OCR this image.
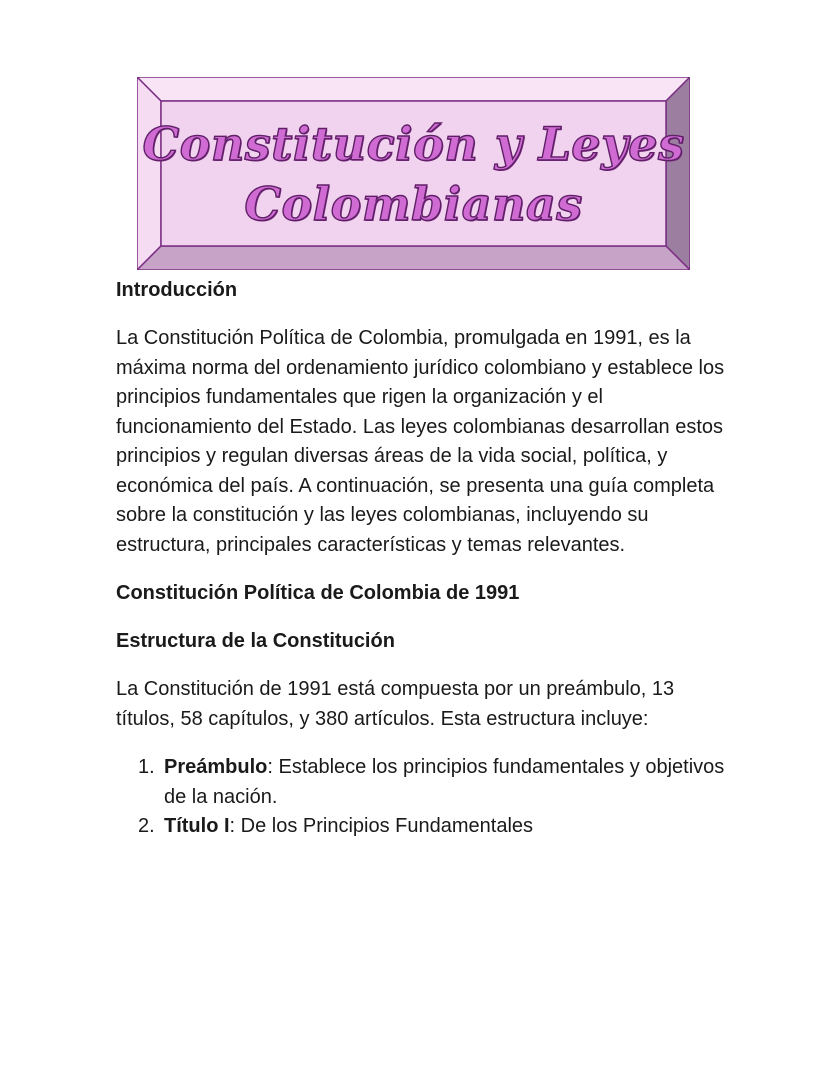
Constitución y Leyes
Colombianas
Introducción

La Constitución Política de Colombia, promulgada en 1991, es la máxima norma del ordenamiento jurídico colombiano y establece los principios fundamentales que rigen la organización y el funcionamiento del Estado. Las leyes colombianas desarrollan estos principios y regulan diversas áreas de la vida social, política, y económica del país. A continuación, se presenta una guía completa sobre la constitución y las leyes colombianas, incluyendo su estructura, principales características y temas relevantes.

Constitución Política de Colombia de 1991
Estructura de la Constitución

La Constitución de 1991 está compuesta por un preámbulo, 13 títulos, 58 capítulos, y 380 artículos. Esta estructura incluye:

1. Preámbulo: Establece los principios fundamentales y objetivos de la nación.
2. Título I: De los Principios Fundamentales
